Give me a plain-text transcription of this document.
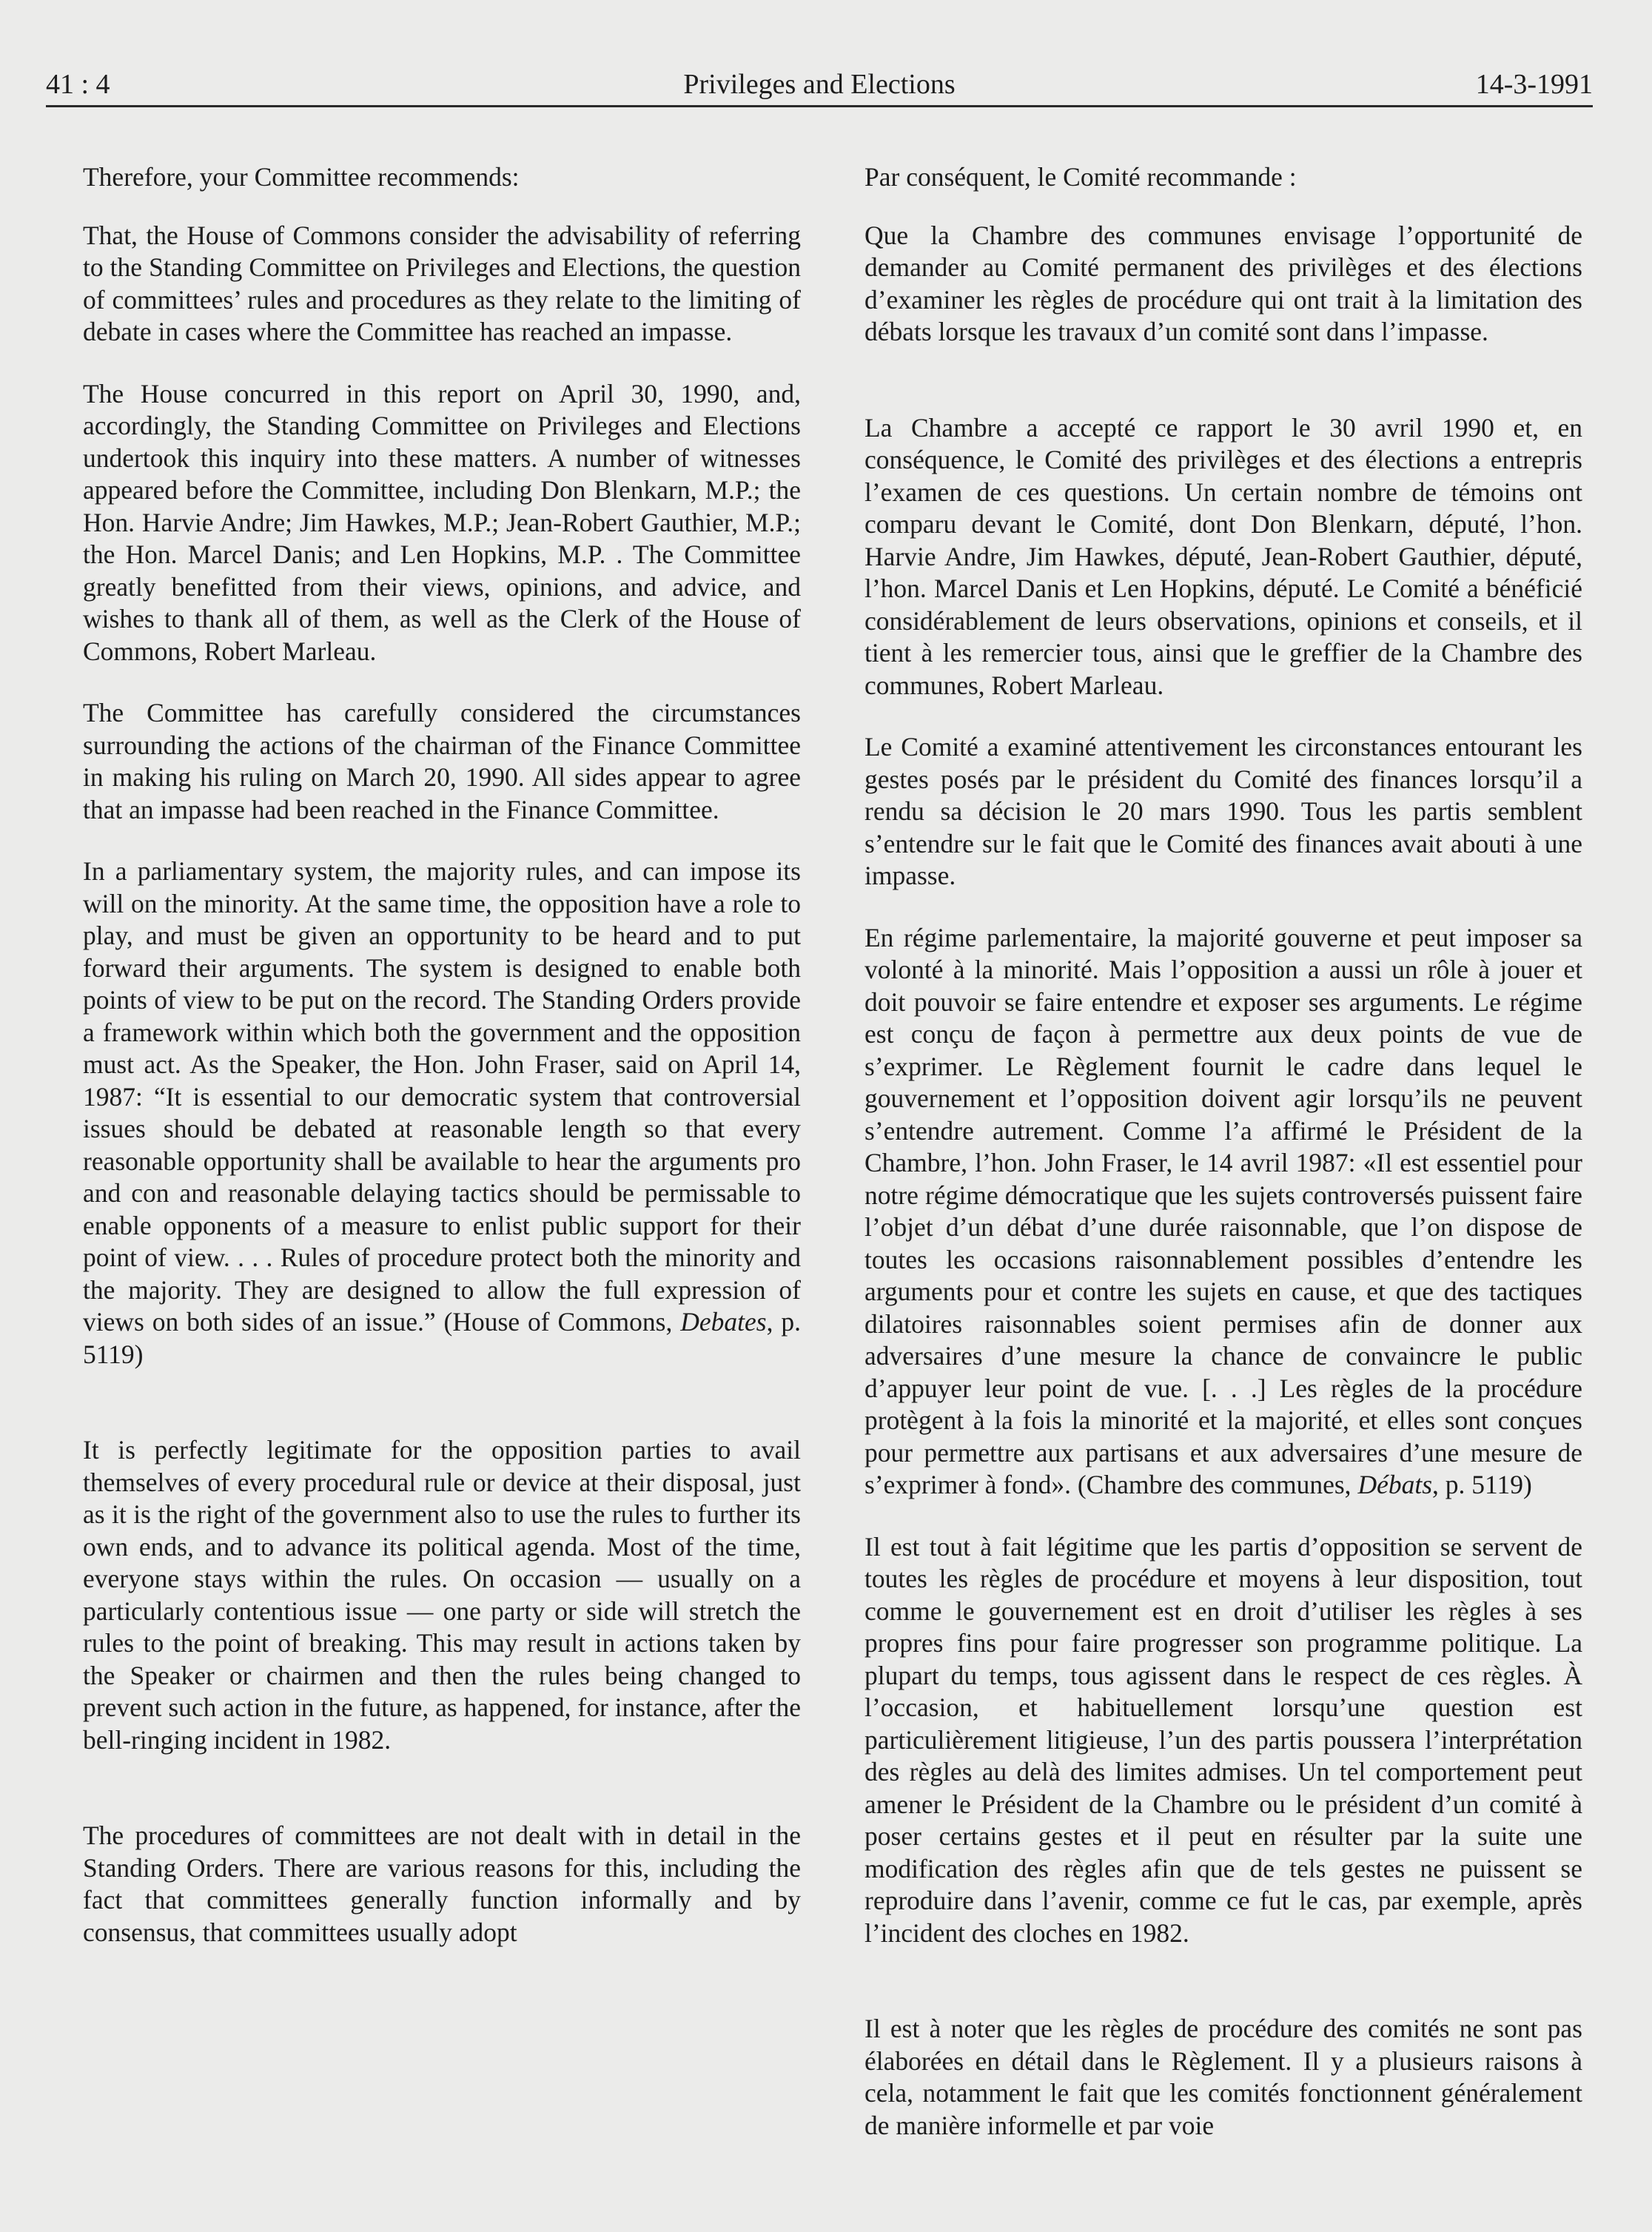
41 : 4	Privileges and Elections	14-3-1991

Therefore, your Committee recommends:

That, the House of Commons consider the advisability of referring to the Standing Committee on Privileges and Elections, the question of committees’ rules and procedures as they relate to the limiting of debate in cases where the Committee has reached an impasse.

The House concurred in this report on April 30, 1990, and, accordingly, the Standing Committee on Privileges and Elections undertook this inquiry into these matters. A number of witnesses appeared before the Committee, including Don Blenkarn, M.P.; the Hon. Harvie Andre; Jim Hawkes, M.P.; Jean-Robert Gauthier, M.P.; the Hon. Marcel Danis; and Len Hopkins, M.P. . The Committee greatly benefitted from their views, opinions, and advice, and wishes to thank all of them, as well as the Clerk of the House of Commons, Robert Marleau.

The Committee has carefully considered the circumstances surrounding the actions of the chairman of the Finance Committee in making his ruling on March 20, 1990. All sides appear to agree that an impasse had been reached in the Finance Committee.

In a parliamentary system, the majority rules, and can impose its will on the minority. At the same time, the opposition have a role to play, and must be given an opportunity to be heard and to put forward their arguments. The system is designed to enable both points of view to be put on the record. The Standing Orders provide a framework within which both the government and the opposition must act. As the Speaker, the Hon. John Fraser, said on April 14, 1987: “It is essential to our democratic system that controversial issues should be debated at reasonable length so that every reasonable opportunity shall be available to hear the arguments pro and con and reasonable delaying tactics should be permissable to enable opponents of a measure to enlist public support for their point of view. . . . Rules of procedure protect both the minority and the majority. They are designed to allow the full expression of views on both sides of an issue.” (House of Commons, Debates, p. 5119)

It is perfectly legitimate for the opposition parties to avail themselves of every procedural rule or device at their disposal, just as it is the right of the government also to use the rules to further its own ends, and to advance its political agenda. Most of the time, everyone stays within the rules. On occasion — usually on a particularly contentious issue — one party or side will stretch the rules to the point of breaking. This may result in actions taken by the Speaker or chairmen and then the rules being changed to prevent such action in the future, as happened, for instance, after the bell-ringing incident in 1982.

The procedures of committees are not dealt with in detail in the Standing Orders. There are various reasons for this, including the fact that committees generally function informally and by consensus, that committees usually adopt

Par conséquent, le Comité recommande :

Que la Chambre des communes envisage l’opportunité de demander au Comité permanent des privilèges et des élections d’examiner les règles de procédure qui ont trait à la limitation des débats lorsque les travaux d’un comité sont dans l’impasse.

La Chambre a accepté ce rapport le 30 avril 1990 et, en conséquence, le Comité des privilèges et des élections a entrepris l’examen de ces questions. Un certain nombre de témoins ont comparu devant le Comité, dont Don Blenkarn, député, l’hon. Harvie Andre, Jim Hawkes, député, Jean-Robert Gauthier, député, l’hon. Marcel Danis et Len Hopkins, député. Le Comité a bénéficié considérablement de leurs observations, opinions et conseils, et il tient à les remercier tous, ainsi que le greffier de la Chambre des communes, Robert Marleau.

Le Comité a examiné attentivement les circonstances entourant les gestes posés par le président du Comité des finances lorsqu’il a rendu sa décision le 20 mars 1990. Tous les partis semblent s’entendre sur le fait que le Comité des finances avait abouti à une impasse.

En régime parlementaire, la majorité gouverne et peut imposer sa volonté à la minorité. Mais l’opposition a aussi un rôle à jouer et doit pouvoir se faire entendre et exposer ses arguments. Le régime est conçu de façon à permettre aux deux points de vue de s’exprimer. Le Règlement fournit le cadre dans lequel le gouvernement et l’opposition doivent agir lorsqu’ils ne peuvent s’entendre autrement. Comme l’a affirmé le Président de la Chambre, l’hon. John Fraser, le 14 avril 1987: «Il est essentiel pour notre régime démocratique que les sujets controversés puissent faire l’objet d’un débat d’une durée raisonnable, que l’on dispose de toutes les occasions raisonnablement possibles d’entendre les arguments pour et contre les sujets en cause, et que des tactiques dilatoires raisonnables soient permises afin de donner aux adversaires d’une mesure la chance de convaincre le public d’appuyer leur point de vue. [. . .] Les règles de la procédure protègent à la fois la minorité et la majorité, et elles sont conçues pour permettre aux partisans et aux adversaires d’une mesure de s’exprimer à fond». (Chambre des communes, Débats, p. 5119)

Il est tout à fait légitime que les partis d’opposition se servent de toutes les règles de procédure et moyens à leur disposition, tout comme le gouvernement est en droit d’utiliser les règles à ses propres fins pour faire progresser son programme politique. La plupart du temps, tous agissent dans le respect de ces règles. À l’occasion, et habituellement lorsqu’une question est particulièrement litigieuse, l’un des partis poussera l’interprétation des règles au delà des limites admises. Un tel comportement peut amener le Président de la Chambre ou le président d’un comité à poser certains gestes et il peut en résulter par la suite une modification des règles afin que de tels gestes ne puissent se reproduire dans l’avenir, comme ce fut le cas, par exemple, après l’incident des cloches en 1982.

Il est à noter que les règles de procédure des comités ne sont pas élaborées en détail dans le Règlement. Il y a plusieurs raisons à cela, notamment le fait que les comités fonctionnent généralement de manière informelle et par voie
